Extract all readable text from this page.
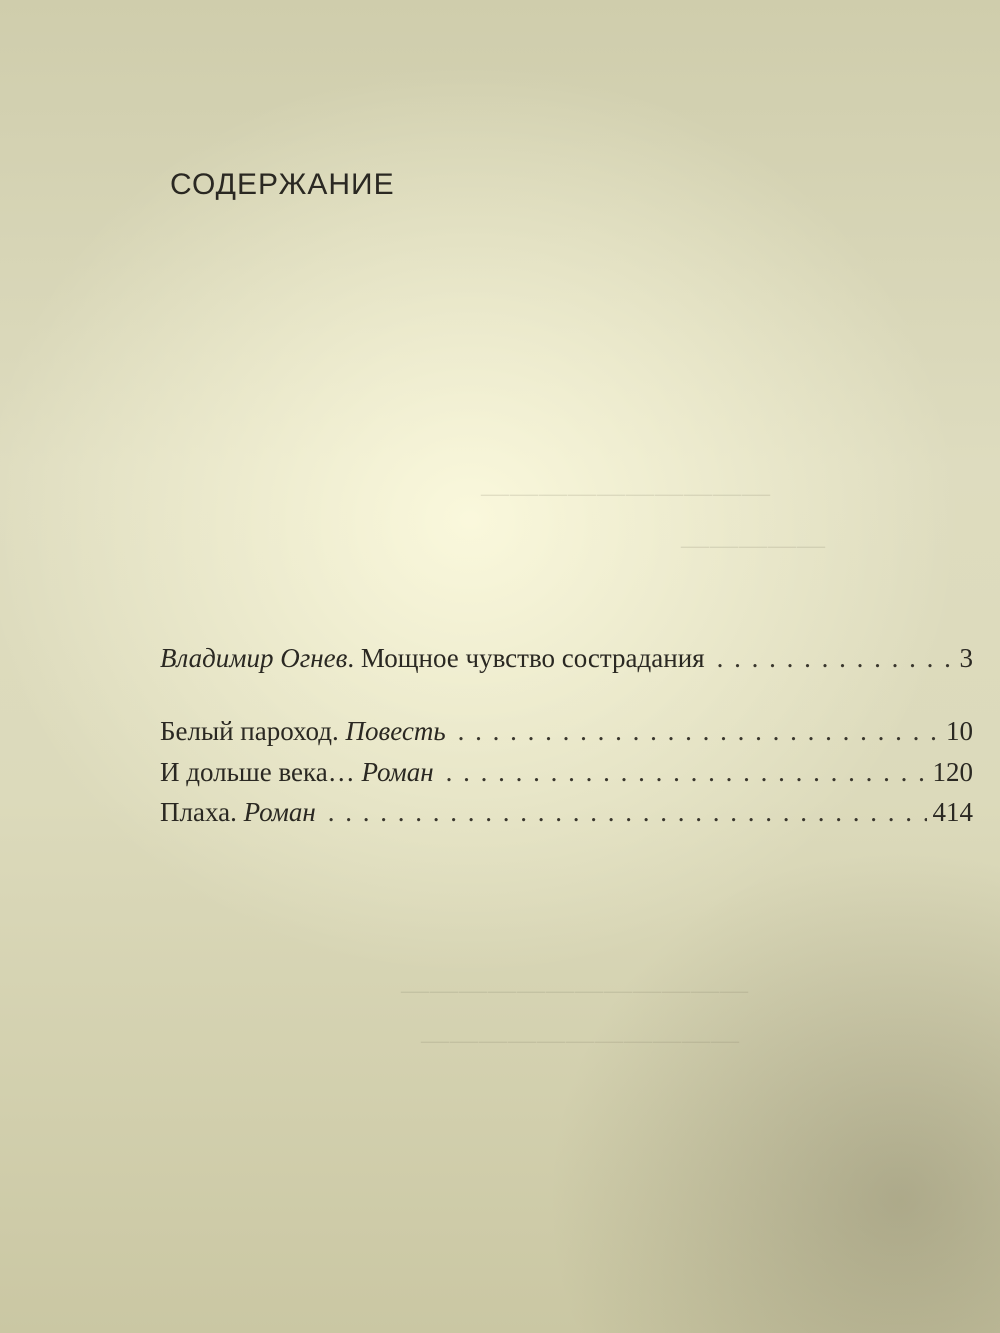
——————————
—————
————————————
———————————
СОДЕРЖАНИЕ
Владимир Огнев. Мощное чувство сострадания . . .	3
Белый пароход. Повесть . . .	10
И дольше века… Роман . . .	120
Плаха. Роман . . .	414
